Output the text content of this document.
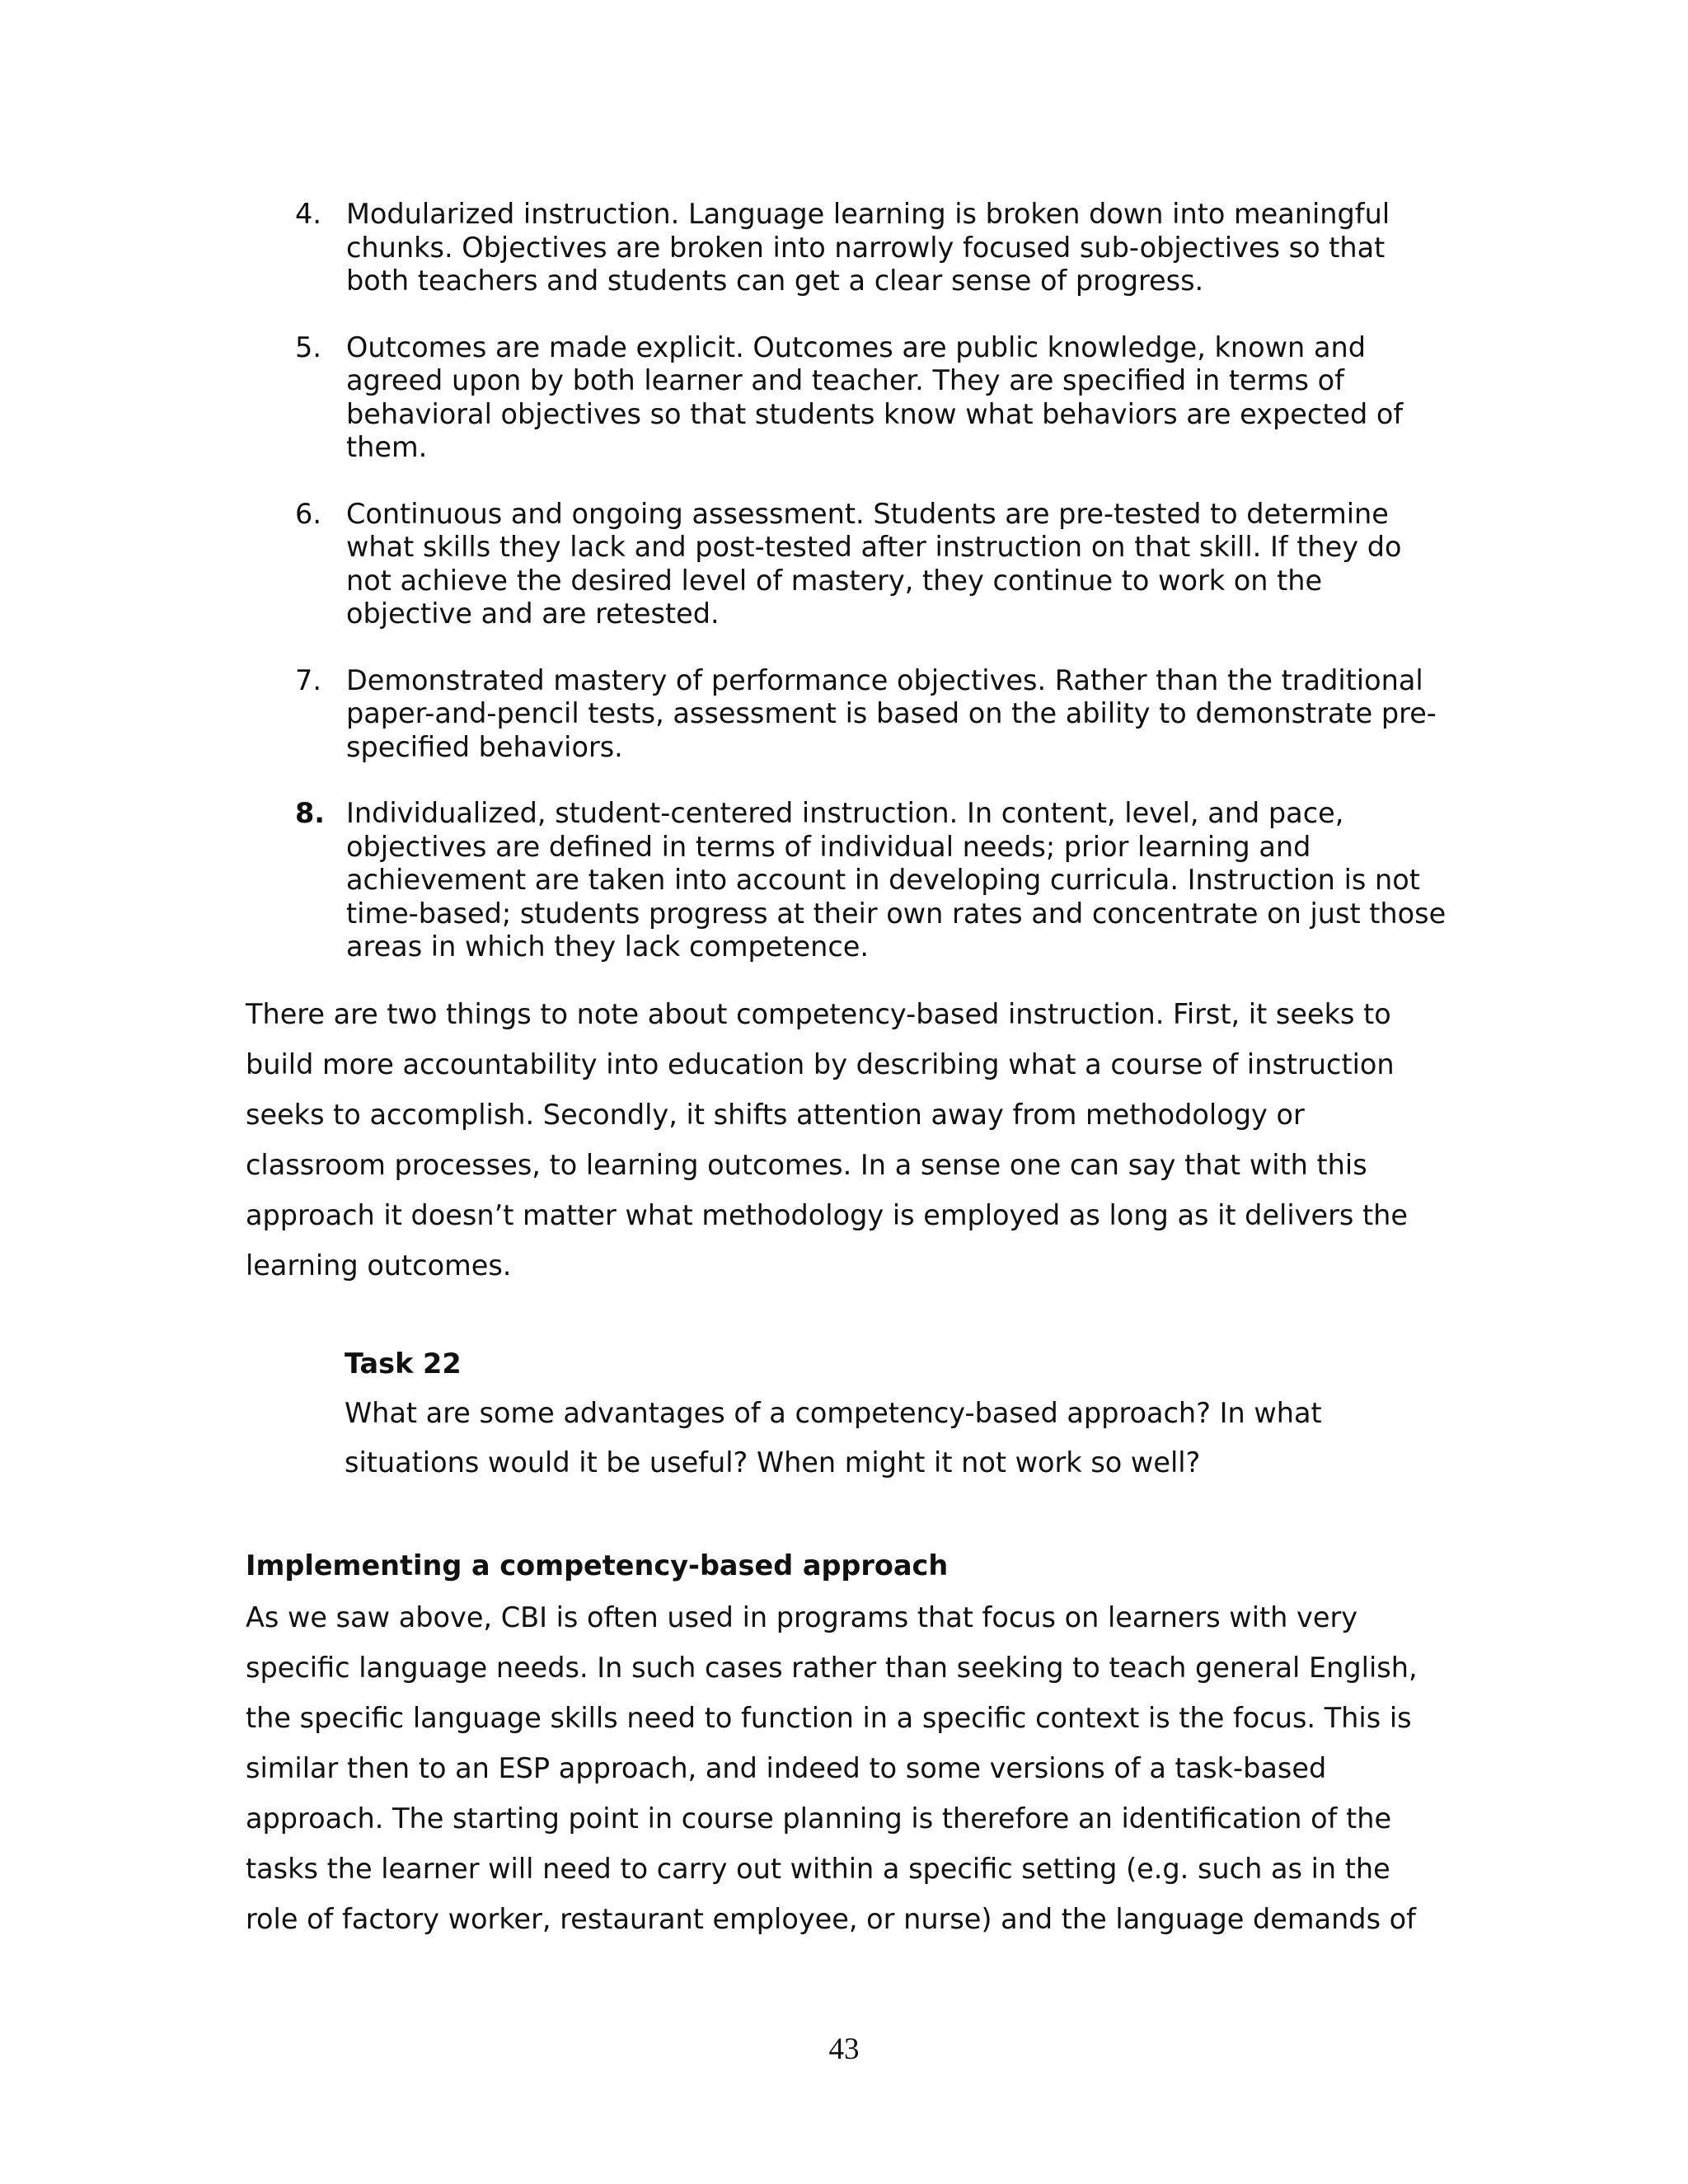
4. Modularized instruction. Language learning is broken down into meaningful chunks. Objectives are broken into narrowly focused sub-objectives so that both teachers and students can get a clear sense of progress.
5. Outcomes are made explicit. Outcomes are public knowledge, known and agreed upon by both learner and teacher. They are specified in terms of behavioral objectives so that students know what behaviors are expected of them.
6. Continuous and ongoing assessment. Students are pre-tested to determine what skills they lack and post-tested after instruction on that skill. If they do not achieve the desired level of mastery, they continue to work on the objective and are retested.
7. Demonstrated mastery of performance objectives. Rather than the traditional paper-and-pencil tests, assessment is based on the ability to demonstrate pre-specified behaviors.
8. Individualized, student-centered instruction. In content, level, and pace, objectives are defined in terms of individual needs; prior learning and achievement are taken into account in developing curricula. Instruction is not time-based; students progress at their own rates and concentrate on just those areas in which they lack competence.

There are two things to note about competency-based instruction. First, it seeks to build more accountability into education by describing what a course of instruction seeks to accomplish. Secondly, it shifts attention away from methodology or classroom processes, to learning outcomes. In a sense one can say that with this approach it doesn’t matter what methodology is employed as long as it delivers the learning outcomes.

Task 22

What are some advantages of a competency-based approach? In what situations would it be useful? When might it not work so well?

Implementing a competency-based approach

As we saw above, CBI is often used in programs that focus on learners with very specific language needs. In such cases rather than seeking to teach general English, the specific language skills need to function in a specific context is the focus. This is similar then to an ESP approach, and indeed to some versions of a task-based approach. The starting point in course planning is therefore an identification of the tasks the learner will need to carry out within a specific setting (e.g. such as in the role of factory worker, restaurant employee, or nurse) and the language demands of

43
